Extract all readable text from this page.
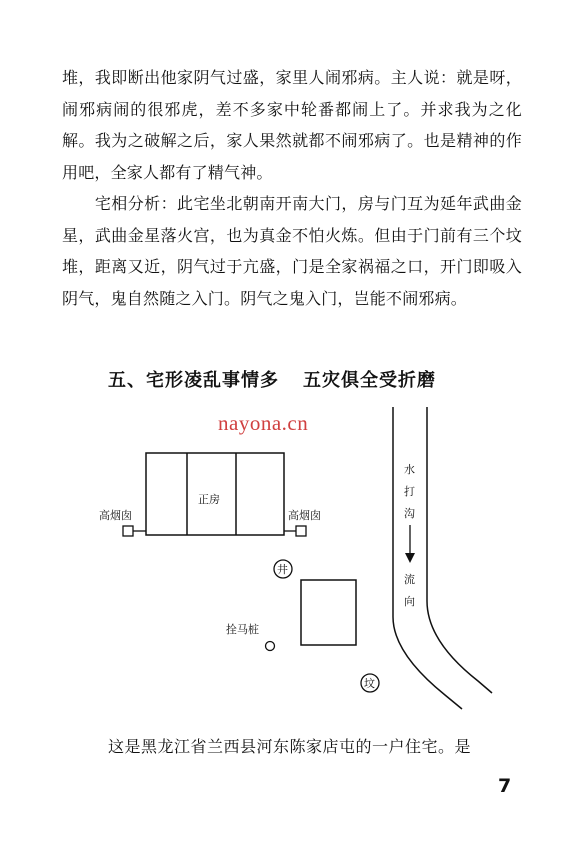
堆，我即断出他家阴气过盛，家里人闹邪病。主人说：就是呀，闹邪病闹的很邪虎，差不多家中轮番都闹上了。并求我为之化解。我为之破解之后，家人果然就都不闹邪病了。也是精神的作用吧，全家人都有了精气神。

　　宅相分析：此宅坐北朝南开南大门，房与门互为延年武曲金星，武曲金星落火宫，也为真金不怕火炼。但由于门前有三个坟堆，距离又近，阴气过于亢盛，门是全家祸福之口，开门即吸入阴气，鬼自然随之入门。阴气之鬼入门，岂能不闹邪病。

五、宅形凌乱事情多 五灾俱全受折磨
nayona.cn
正房
高烟囱	高烟囱
井
拴马桩
坟
水
打
沟
流
向
这是黑龙江省兰西县河东陈家店屯的一户住宅。是
7
